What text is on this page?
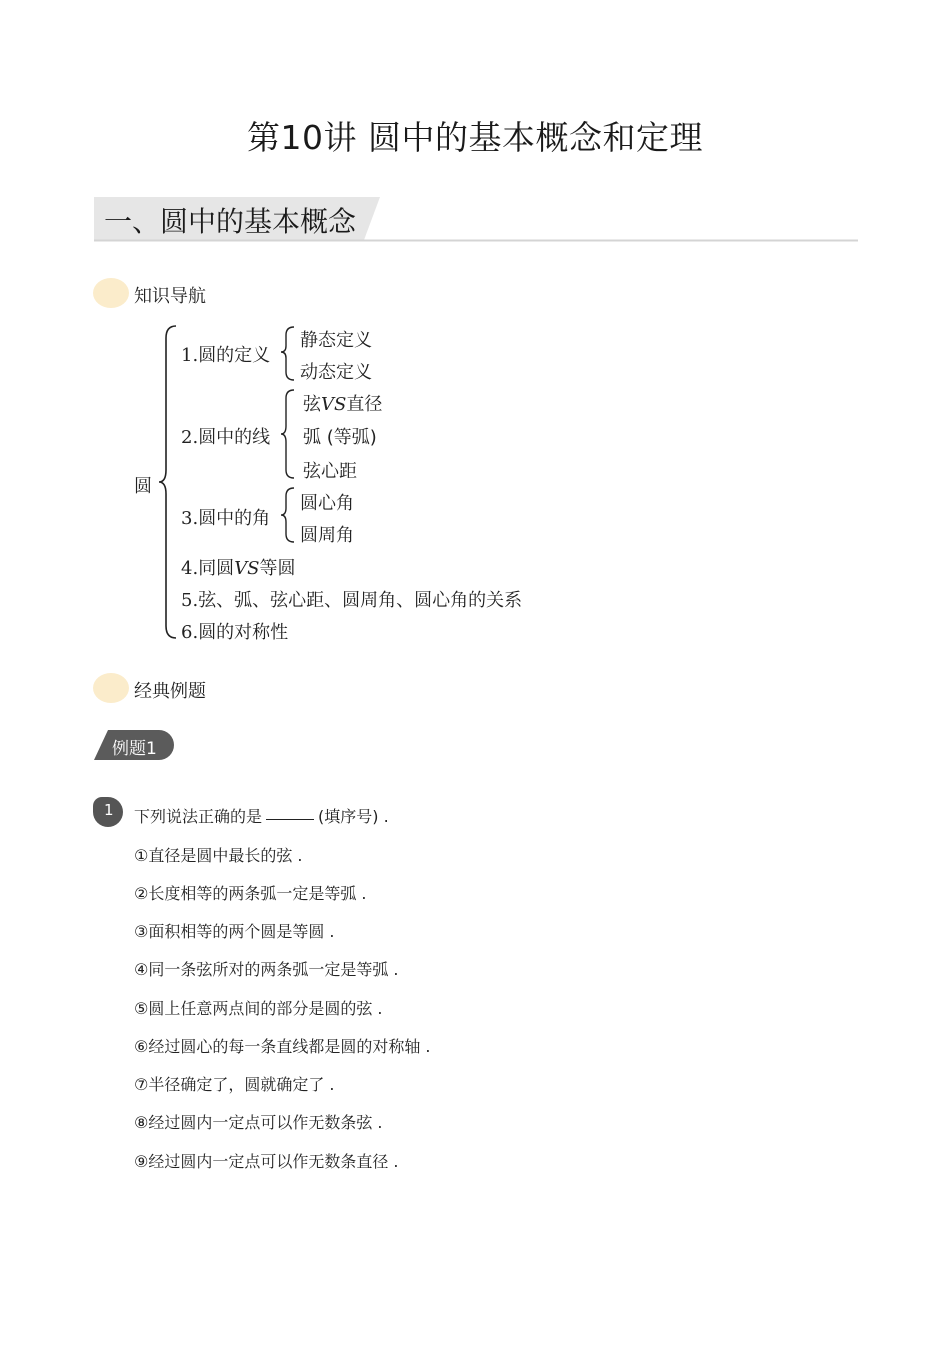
第10讲 圆中的基本概念和定理
一、圆中的基本概念
知识导航
圆
1.圆的定义
静态定义
动态定义
2.圆中的线
弦VS直径
弧 (等弧)
弦心距
3.圆中的角
圆心角
圆周角
4.同圆VS等圆
5.弦、弧、弦心距、圆周角、圆心角的关系
6.圆的对称性
经典例题
例题1
1 下列说法正确的是	(填序号) .
①直径是圆中最长的弦 .
②长度相等的两条弧一定是等弧 .
③面积相等的两个圆是等圆 .
④同一条弦所对的两条弧一定是等弧 .
⑤圆上任意两点间的部分是圆的弦 .
⑥经过圆心的每一条直线都是圆的对称轴 .
⑦半径确定了，圆就确定了 .
⑧经过圆内一定点可以作无数条弦 .
⑨经过圆内一定点可以作无数条直径 .
